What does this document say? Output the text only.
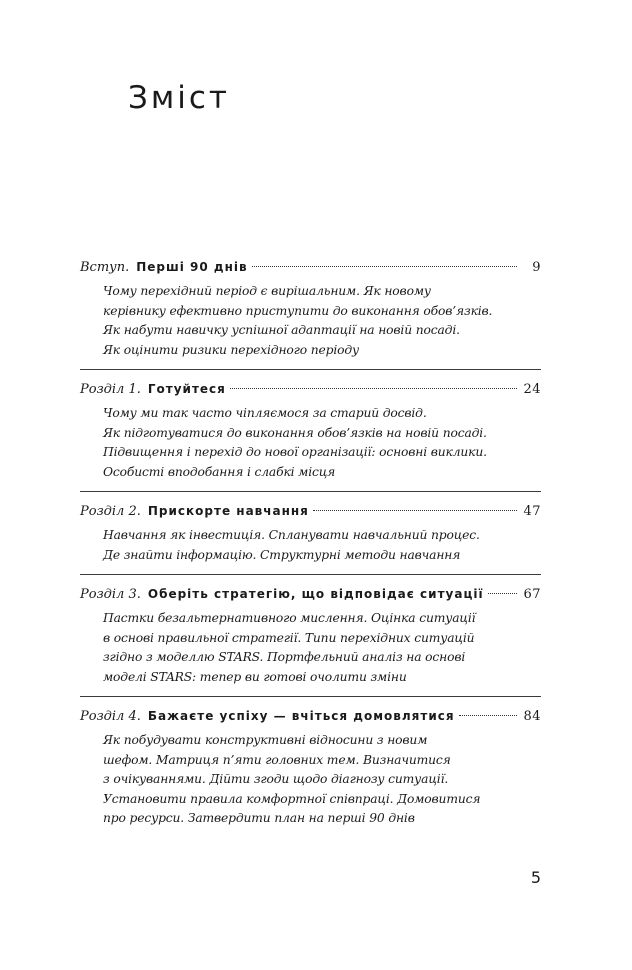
Зміст
Вступ. Перші 90 днів	9
Чому перехідний період є вирішальним. Як новому
керівнику ефективно приступити до виконання обов’язків.
Як набути навичку успішної адаптації на новій посаді.
Як оцінити ризики перехідного періоду
Розділ 1. Готуйтеся	24
Чому ми так часто чіпляємося за старий досвід.
Як підготуватися до виконання обов’язків на новій посаді.
Підвищення і перехід до нової організації: основні виклики.
Особисті вподобання і слабкі місця
Розділ 2. Прискорте навчання	47
Навчання як інвестиція. Спланувати навчальний процес.
Де знайти інформацію. Структурні методи навчання
Розділ 3. Оберіть стратегію, що відповідає ситуації	67
Пастки безальтернативного мислення. Оцінка ситуації
в основі правильної стратегії. Типи перехідних ситуацій
згідно з моделлю STARS. Портфельний аналіз на основі
моделі STARS: тепер ви готові очолити зміни
Розділ 4. Бажаєте успіху — вчіться домовлятися	84
Як побудувати конструктивні відносини з новим
шефом. Матриця п’яти головних тем. Визначитися
з очікуваннями. Дійти згоди щодо діагнозу ситуації.
Установити правила комфортної співпраці. Домовитися
про ресурси. Затвердити план на перші 90 днів
5
